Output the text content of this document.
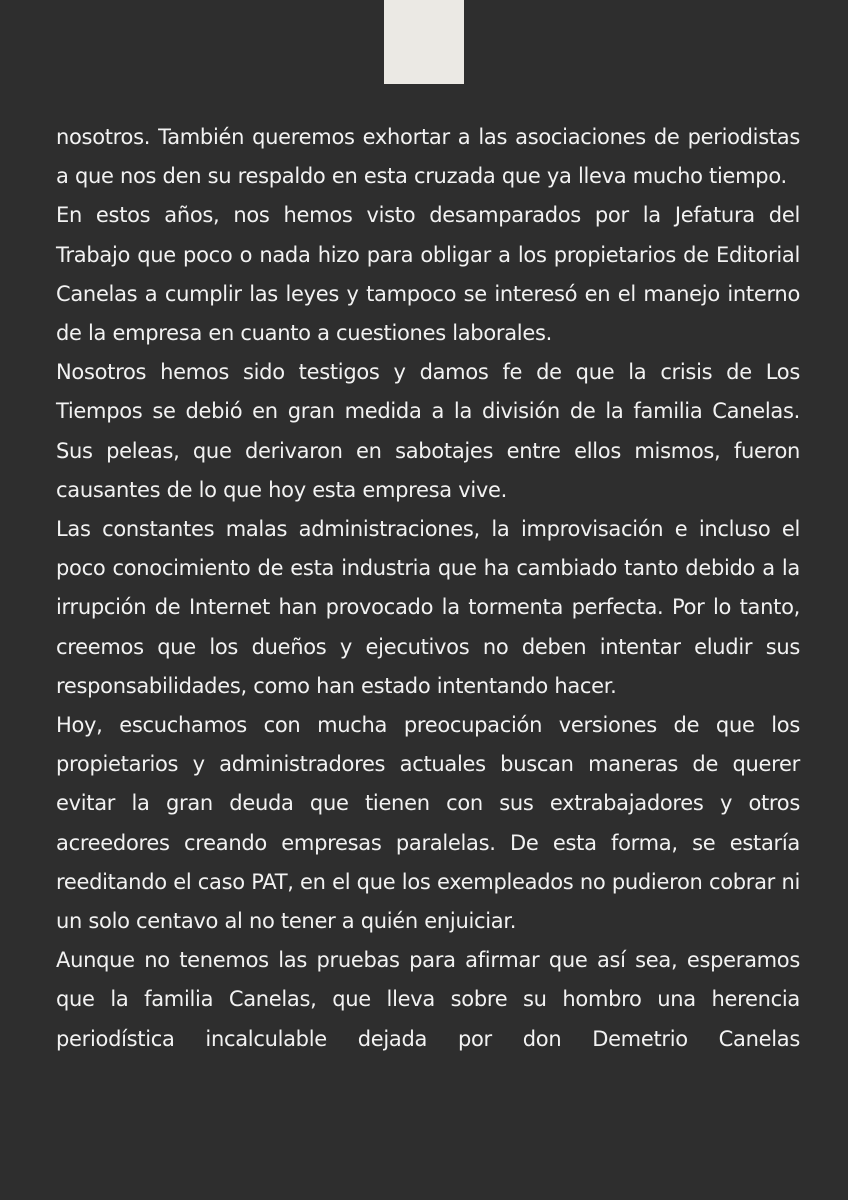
nosotros. También queremos exhortar a las asociaciones de periodistas a que nos den su respaldo en esta cruzada que ya lleva mucho tiempo.

En estos años, nos hemos visto desamparados por la Jefatura del Trabajo que poco o nada hizo para obligar a los propietarios de Editorial Canelas a cumplir las leyes y tampoco se interesó en el manejo interno de la empresa en cuanto a cuestiones laborales.

Nosotros hemos sido testigos y damos fe de que la crisis de Los Tiempos se debió en gran medida a la división de la familia Canelas. Sus peleas, que derivaron en sabotajes entre ellos mismos, fueron causantes de lo que hoy esta empresa vive.

Las constantes malas administraciones, la improvisación e incluso el poco conocimiento de esta industria que ha cambiado tanto debido a la irrupción de Internet han provocado la tormenta perfecta. Por lo tanto, creemos que los dueños y ejecutivos no deben intentar eludir sus responsabilidades, como han estado intentando hacer.

Hoy, escuchamos con mucha preocupación versiones de que los propietarios y administradores actuales buscan maneras de querer evitar la gran deuda que tienen con sus extrabajadores y otros acreedores creando empresas paralelas. De esta forma, se estaría reeditando el caso PAT, en el que los exempleados no pudieron cobrar ni un solo centavo al no tener a quién enjuiciar.

Aunque no tenemos las pruebas para afirmar que así sea, esperamos que la familia Canelas, que lleva sobre su hombro una herencia periodística incalculable dejada por don Demetrio Canelas
